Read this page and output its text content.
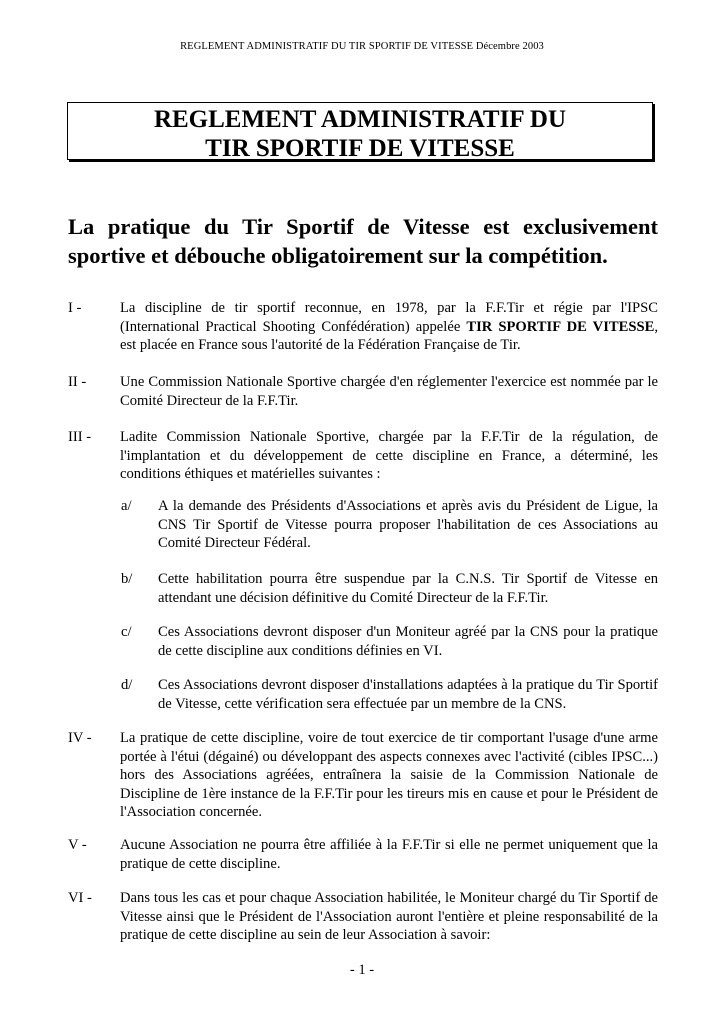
REGLEMENT ADMINISTRATIF DU TIR SPORTIF DE VITESSE Décembre 2003
REGLEMENT ADMINISTRATIF DU
TIR SPORTIF DE VITESSE
La pratique du Tir Sportif de Vitesse est exclusivement sportive et débouche obligatoirement sur la compétition.
I -	La discipline de tir sportif reconnue, en 1978, par la F.F.Tir et régie par l'IPSC (International Practical Shooting Confédération) appelée TIR SPORTIF DE VITESSE, est placée en France sous l'autorité de la Fédération Française de Tir.
II - Une Commission Nationale Sportive chargée d'en réglementer l'exercice est nommée par le Comité Directeur de la F.F.Tir.
III - Ladite Commission Nationale Sportive, chargée par la F.F.Tir de la régulation, de l'implantation et du développement de cette discipline en France, a déterminé, les conditions éthiques et matérielles suivantes :
a/ A la demande des Présidents d'Associations et après avis du Président de Ligue, la CNS Tir Sportif de Vitesse pourra proposer l'habilitation de ces Associations au Comité Directeur Fédéral.
b/ Cette habilitation pourra être suspendue par la C.N.S. Tir Sportif de Vitesse en attendant une décision définitive du Comité Directeur de la F.F.Tir.
c/ Ces Associations devront disposer d'un Moniteur agréé par la CNS pour la pratique de cette discipline aux conditions définies en VI.
d/ Ces Associations devront disposer d'installations adaptées à la pratique du Tir Sportif de Vitesse, cette vérification sera effectuée par un membre de la CNS.
IV - La pratique de cette discipline, voire de tout exercice de tir comportant l'usage d'une arme portée à l'étui (dégainé) ou développant des aspects connexes avec l'activité (cibles IPSC...) hors des Associations agréées, entraînera la saisie de la Commission Nationale de Discipline de 1ère instance de la F.F.Tir pour les tireurs mis en cause et pour le Président de l'Association concernée.
V - Aucune Association ne pourra être affiliée à la F.F.Tir si elle ne permet uniquement que la pratique de cette discipline.
VI - Dans tous les cas et pour chaque Association habilitée, le Moniteur chargé du Tir Sportif de Vitesse ainsi que le Président de l'Association auront l'entière et pleine responsabilité de la pratique de cette discipline au sein de leur Association à savoir:
- 1 -
